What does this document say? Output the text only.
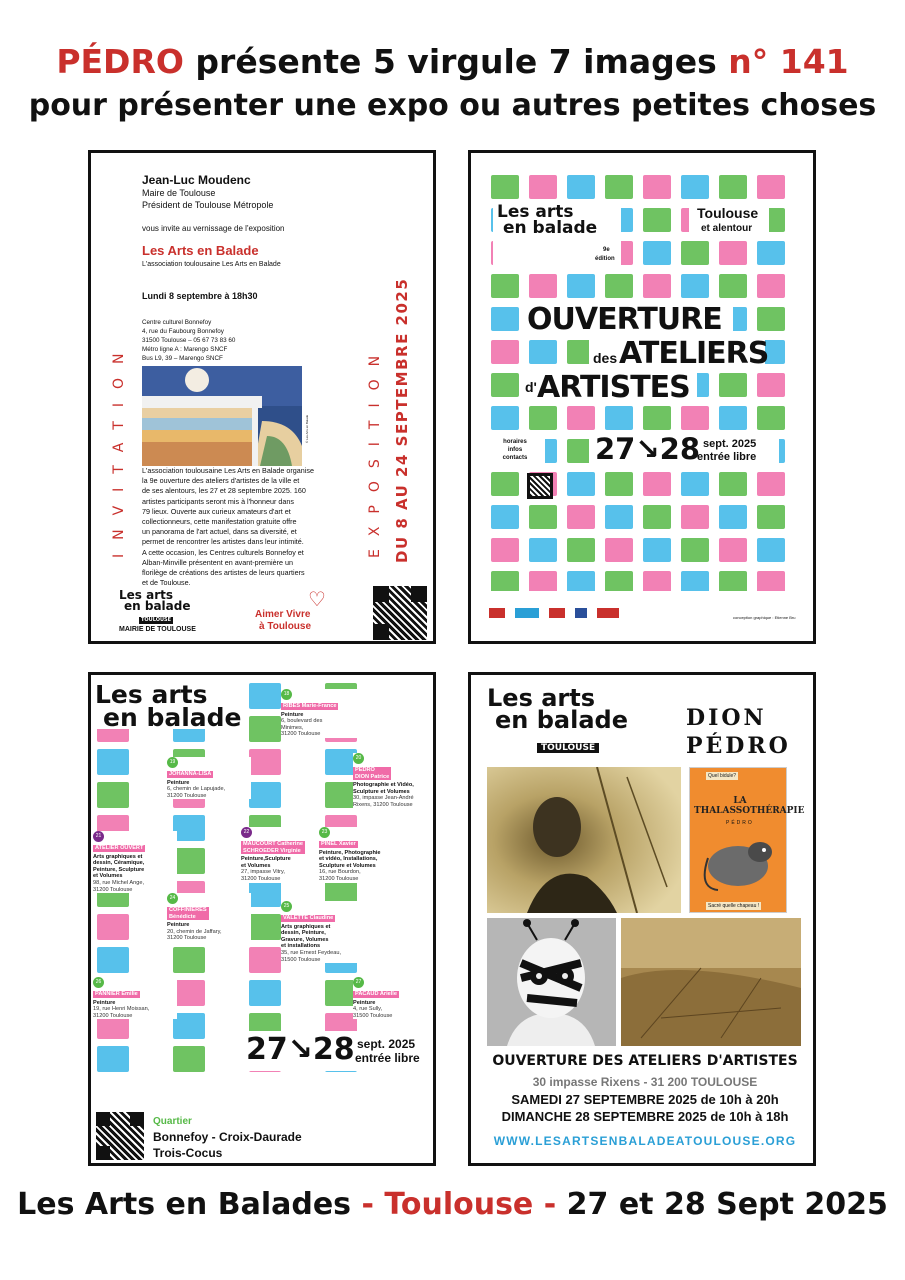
PÉDRO présente 5 virgule 7 images n° 141
pour présenter une expo ou autres petites choses
Jean-Luc Moudenc
Maire de Toulouse
Président de Toulouse Métropole
vous invite au vernissage de l'exposition
Les Arts en Balade
L'association toulousaine Les Arts en Balade
Lundi 8 septembre à 18h30
Centre culturel Bonnefoy
4, rue du Faubourg Bonnefoy
31500 Toulouse – 05 67 73 83 60
Métro ligne A : Marengo SNCF
Bus L9, 39 – Marengo SNCF
L'association toulousaine Les Arts en Balade organise
la 9e ouverture des ateliers d'artistes de la ville et
de ses alentours, les 27 et 28 septembre 2025. 160
artistes participants seront mis à l'honneur dans
79 lieux. Ouverte aux curieux amateurs d'art et
collectionneurs, cette manifestation gratuite offre
un panorama de l'art actuel, dans sa diversité, et
permet de rencontrer les artistes dans leur intimité.
A cette occasion, les Centres culturels Bonnefoy et
Alban-Minville présentent en avant-première un
florilège de créations des artistes de leurs quartiers
et de Toulouse.
INVITATION	EXPOSITION DU 8 AU 24 SEPTEMBRE 2025
Les arts
en balade
TOULOUSE
MAIRIE DE TOULOUSE
♡
Aimer Vivre
à Toulouse
© Les Arts en Balade
Les arts
en balade
9e
édition
Toulouse
et alentour
OUVERTURE
des ATELIERS
d' ARTISTES
horaires
infos
contacts	27↘28 sept. 2025
entrée libre
conception graphique : Etienne Bru
Les arts
en balade
18
RIBES Marie-France
Peinture
6, boulevard des
Minimes,
31200 Toulouse
19
JOHANNA-LISA
Peinture
6, chemin de Lapujade,
31200 Toulouse
20
PÉDRO
DION Patrice
Photographie et Vidéo,
Sculpture et Volumes
30, impasse Jean-André
Rixens, 31200 Toulouse
21
ATELIER OUVERT
Arts graphiques et
dessin, Céramique,
Peinture, Sculpture
et Volumes
98, rue Michel Ange,
31200 Toulouse
22
MAUCOURT Catherine
SCHROEDER Virginie
Peinture,Sculpture
et Volumes
27, impasse Vitry,
31200 Toulouse
23
PINEL Xavier
Peinture, Photographie
et vidéo, Installations,
Sculpture et Volumes
16, rue Bourdon,
31200 Toulouse
24
COFFINIÈRES
Bénédicte
Peinture
20, chemin de Jaffary,
31200 Toulouse
25
VALETTE Claudine
Arts graphiques et
dessin, Peinture,
Gravure, Volumes
et installations
35, rue Ernest Feydeau,
31500 Toulouse
26
PANNIER Emilie
Peinture
19, rue Henri Moissan,
31200 Toulouse
27
PACAUD Arielle
Peinture
4, rue Sully,
31500 Toulouse
27↘28 sept. 2025
entrée libre
Quartier
Bonnefoy - Croix-Daurade
Trois-Cocus
Les arts
en balade
TOULOUSE
DION
PÉDRO
Quel bidule?
LA THALASSOTHÉRAPIE
PÉDRO
Sacré quelle chapeau !
OUVERTURE DES ATELIERS D'ARTISTES
30 impasse Rixens - 31 200 TOULOUSE
SAMEDI 27 SEPTEMBRE 2025 de 10h à 20h
DIMANCHE 28 SEPTEMBRE 2025 de 10h à 18h
WWW.LESARTSENBALADEATOULOUSE.ORG
Les Arts en Balades - Toulouse - 27 et 28 Sept 2025
